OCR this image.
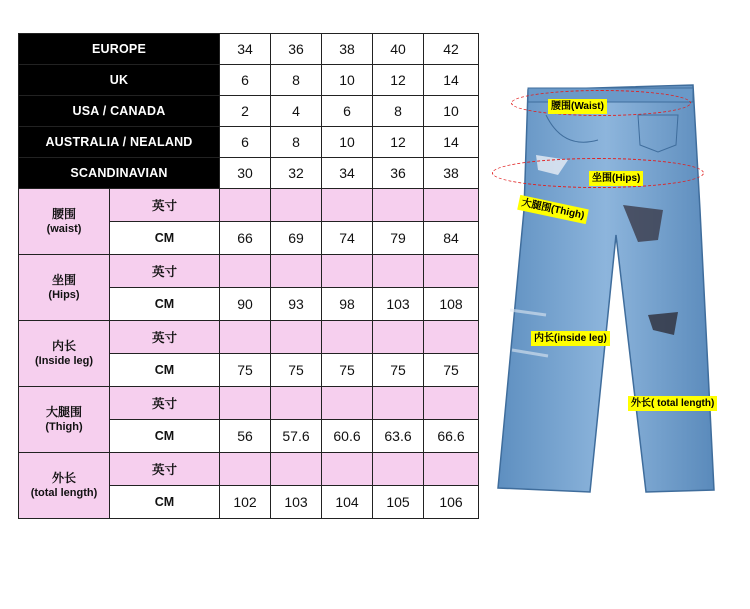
EUROPE		34	36	38	40	42
UK		6	8	10	12	14
USA / CANADA		2	4	6	8	10
AUSTRALIA / NEALAND		6	8	10	12	14
SCANDINAVIAN		30	32	34	36	38

腰围
(waist)	英寸					
	CM	66	69	74	79	84

坐围
(Hips)	英寸					
	CM	90	93	98	103	108

内长
(Inside leg)	英寸					
	CM	75	75	75	75	75

大腿围
(Thigh)	英寸					
	CM	56	57.6	60.6	63.6	66.6

外长
(total length)	英寸					
	CM	102	103	104	105	106
腰围(Waist)
坐围(Hips)
大腿围(Thigh)
内长(inside leg)
外长( total length)
